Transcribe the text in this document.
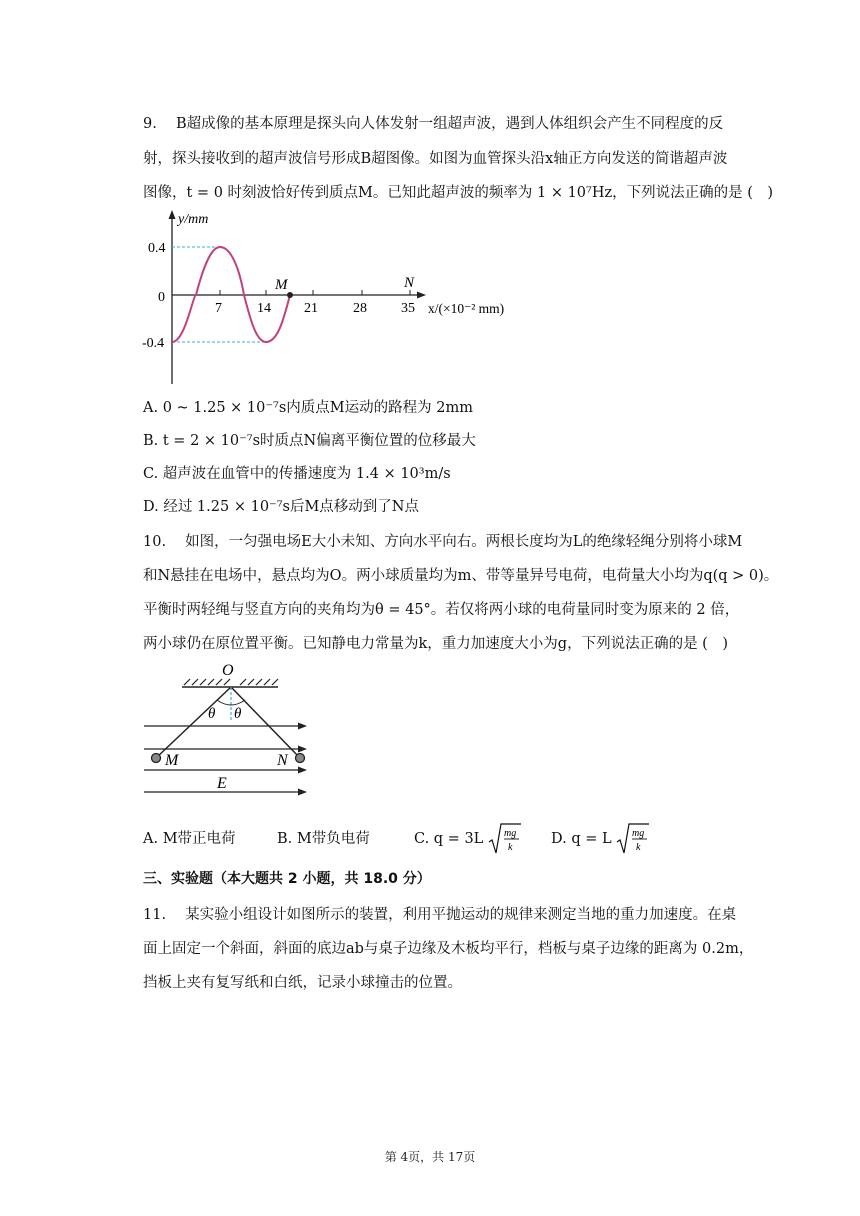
9.　 B超成像的基本原理是探头向人体发射一组超声波，遇到人体组织会产生不同程度的反
射，探头接收到的超声波信号形成B超图像。如图为血管探头沿x轴正方向发送的简谐超声波
图像，t = 0 时刻波恰好传到质点M。已知此超声波的频率为 1 × 10⁷Hz，下列说法正确的是 (　)
y/mm
0.4
0
-0.4
7	14 21	28 35
M	N
x/(×10⁻² mm)
A. 0 ~ 1.25 × 10⁻⁷s内质点M运动的路程为 2mm
B. t = 2 × 10⁻⁷s时质点N偏离平衡位置的位移最大
C. 超声波在血管中的传播速度为 1.4 × 10³m/s
D. 经过 1.25 × 10⁻⁷s后M点移动到了N点
10.　 如图，一匀强电场E大小未知、方向水平向右。两根长度均为L的绝缘轻绳分别将小球M
和N悬挂在电场中，悬点均为O。两小球质量均为m、带等量异号电荷，电荷量大小均为q(q > 0)。
平衡时两轻绳与竖直方向的夹角均为θ = 45°。若仅将两小球的电荷量同时变为原来的 2 倍，
两小球仍在原位置平衡。已知静电力常量为k，重力加速度大小为g，下列说法正确的是 (　)
O
θ θ
M	N
E
A. M带正电荷	B. M带负电荷	C. q = 3L mg
k
D. q = L mg
k
三、实验题（本大题共 2 小题，共 18.0 分）
11.　 某实验小组设计如图所示的装置，利用平抛运动的规律来测定当地的重力加速度。在桌
面上固定一个斜面，斜面的底边ab与桌子边缘及木板均平行，档板与桌子边缘的距离为 0.2m，
挡板上夹有复写纸和白纸，记录小球撞击的位置。
第 4页，共 17页
